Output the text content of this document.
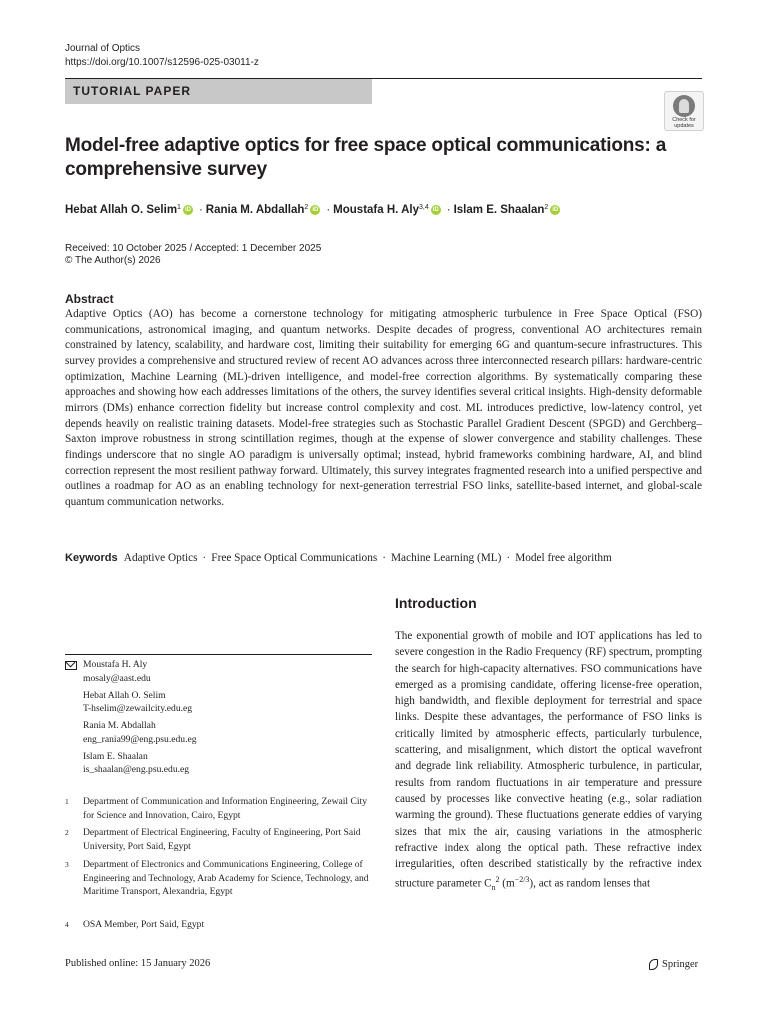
Journal of Optics
https://doi.org/10.1007/s12596-025-03011-z
TUTORIAL PAPER
Check for
updates
Model-free adaptive optics for free space optical communications: a comprehensive survey
Hebat Allah O. Selim$^1$ iD · Rania M. Abdallah$^2$ iD · Moustafa H. Aly$^{3,4}$ iD · Islam E. Shaalan$^2$ iD
Received: 10 October 2025 / Accepted: 1 December 2025
© The Author(s) 2026
Abstract
Adaptive Optics (AO) has become a cornerstone technology for mitigating atmospheric turbulence in Free Space Optical (FSO) communications, astronomical imaging, and quantum networks. Despite decades of progress, conventional AO architectures remain constrained by latency, scalability, and hardware cost, limiting their suitability for emerging 6G and quantum-secure infrastructures. This survey provides a comprehensive and structured review of recent AO advances across three interconnected research pillars: hardware-centric optimization, Machine Learning (ML)-driven intelligence, and model-free correction algorithms. By systematically comparing these approaches and showing how each addresses limitations of the others, the survey identifies several critical insights. High-density deformable mirrors (DMs) enhance correction fidelity but increase control complexity and cost. ML introduces predictive, low-latency control, yet depends heavily on realistic training datasets. Model-free strategies such as Stochastic Parallel Gradient Descent (SPGD) and Gerchberg–Saxton improve robustness in strong scintillation regimes, though at the expense of slower convergence and stability challenges. These findings underscore that no single AO paradigm is universally optimal; instead, hybrid frameworks combining hardware, AI, and blind correction represent the most resilient pathway forward. Ultimately, this survey integrates fragmented research into a unified perspective and outlines a roadmap for AO as an enabling technology for next-generation terrestrial FSO links, satellite-based internet, and global-scale quantum communication networks.
Keywords Adaptive Optics · Free Space Optical Communications · Machine Learning (ML) · Model free algorithm
Introduction
The exponential growth of mobile and IOT applications has led to severe congestion in the Radio Frequency (RF) spectrum, prompting the search for high-capacity alternatives. FSO communications have emerged as a promising candidate, offering license-free operation, high bandwidth, and flexible deployment for terrestrial and space links. Despite these advantages, the performance of FSO links is critically limited by atmospheric effects, particularly turbulence, scattering, and misalignment, which distort the optical wavefront and degrade link reliability. Atmospheric turbulence, in particular, results from random fluctuations in air temperature and pressure caused by processes like convective heating (e.g., solar radiation warming the ground). These fluctuations generate eddies of varying sizes that mix the air, causing variations in the atmospheric refractive index along the optical path. These refractive index irregularities, often described statistically by the refractive index structure parameter $C_n^2$ $(m^{-2/3})$, act as random lenses that
Moustafa H. Aly
mosaly@aast.edu
Hebat Allah O. Selim
T-hselim@zewailcity.edu.eg
Rania M. Abdallah
eng_rania99@eng.psu.edu.eg
Islam E. Shaalan
is_shaalan@eng.psu.edu.eg
1 Department of Communication and Information Engineering, Zewail City for Science and Innovation, Cairo, Egypt
2 Department of Electrical Engineering, Faculty of Engineering, Port Said University, Port Said, Egypt
3 Department of Electronics and Communications Engineering, College of Engineering and Technology, Arab Academy for Science, Technology, and Maritime Transport, Alexandria, Egypt
4 OSA Member, Port Said, Egypt
Published online: 15 January 2026	Springer
